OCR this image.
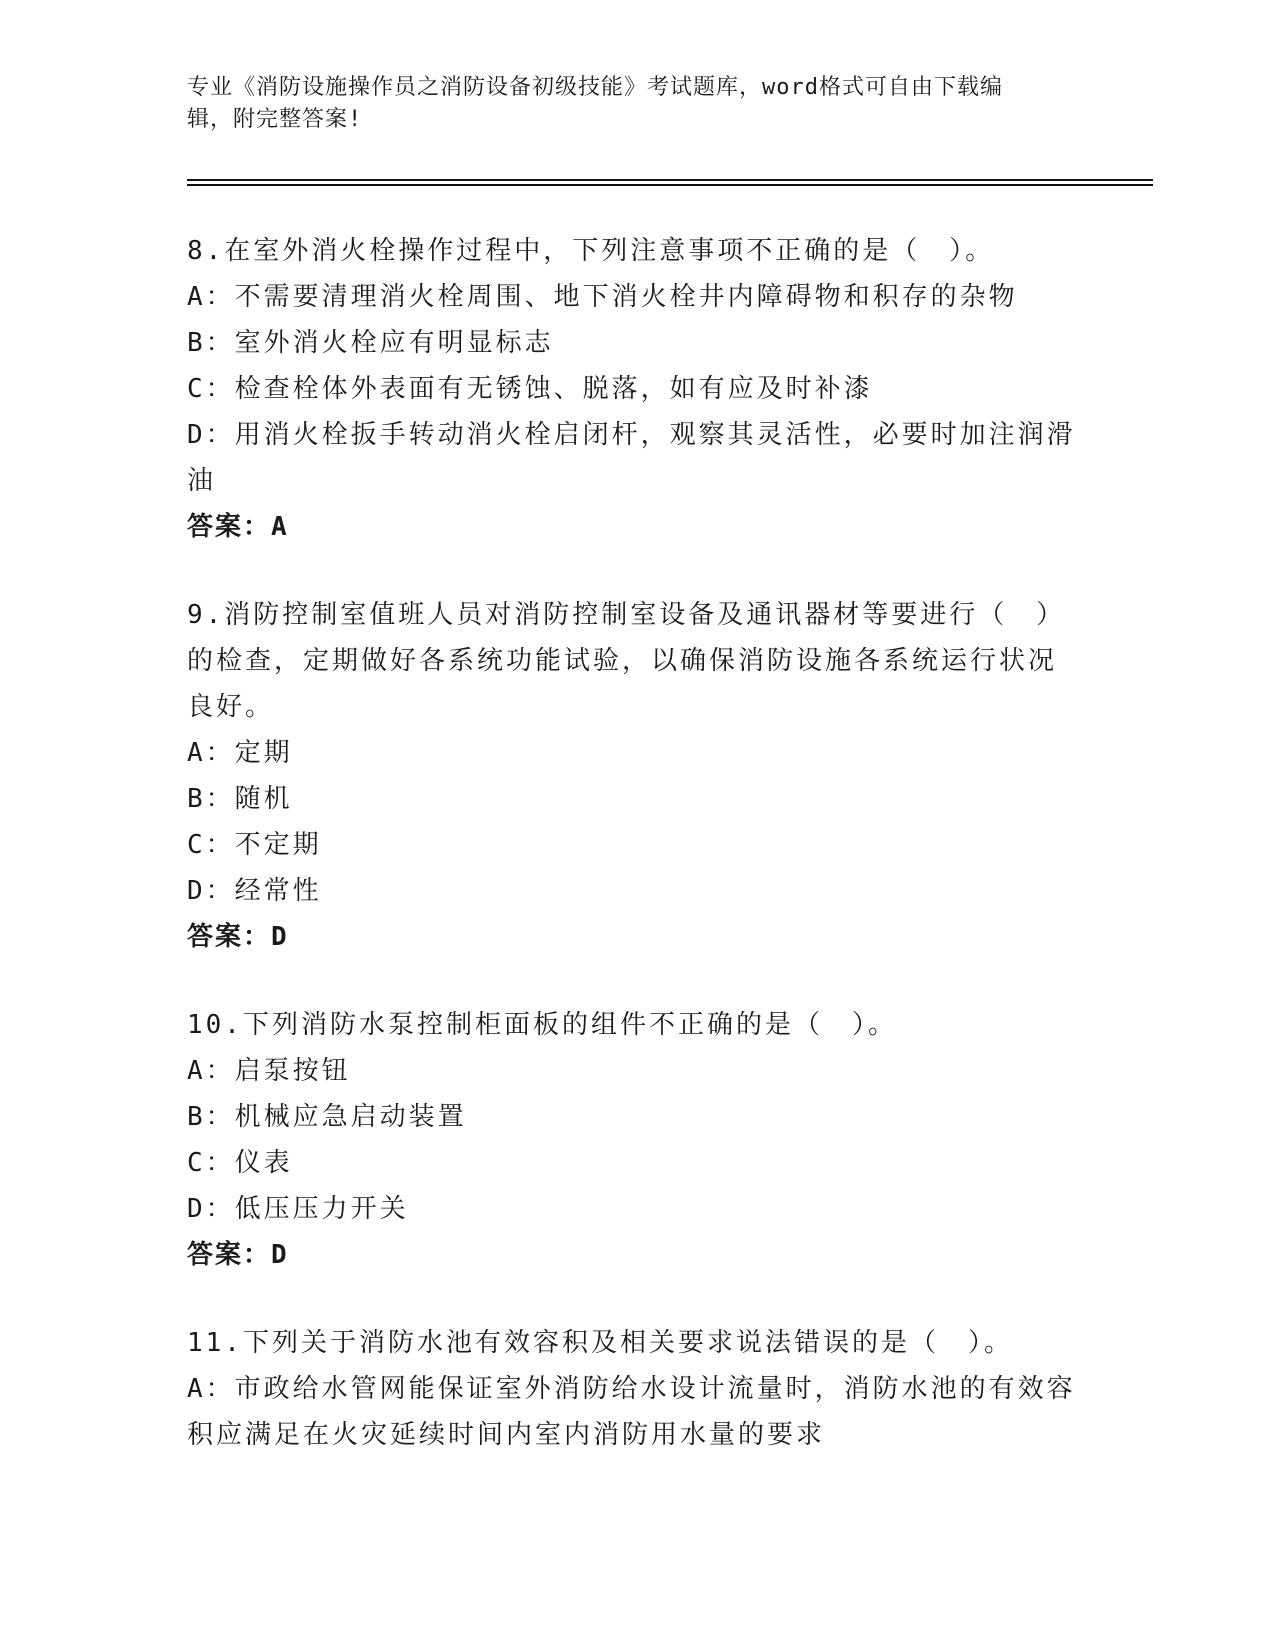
专业《消防设施操作员之消防设备初级技能》考试题库，word格式可自由下载编
辑，附完整答案!
8.在室外消火栓操作过程中，下列注意事项不正确的是（　）。
A：不需要清理消火栓周围、地下消火栓井内障碍物和积存的杂物
B：室外消火栓应有明显标志
C：检查栓体外表面有无锈蚀、脱落，如有应及时补漆
D：用消火栓扳手转动消火栓启闭杆，观察其灵活性，必要时加注润滑
油
答案：A
9.消防控制室值班人员对消防控制室设备及通讯器材等要进行（　）
的检查，定期做好各系统功能试验，以确保消防设施各系统运行状况
良好。
A：定期
B：随机
C：不定期
D：经常性
答案：D
10.下列消防水泵控制柜面板的组件不正确的是（　）。
A：启泵按钮
B：机械应急启动装置
C：仪表
D：低压压力开关
答案：D
11.下列关于消防水池有效容积及相关要求说法错误的是（　）。
A：市政给水管网能保证室外消防给水设计流量时，消防水池的有效容
积应满足在火灾延续时间内室内消防用水量的要求
